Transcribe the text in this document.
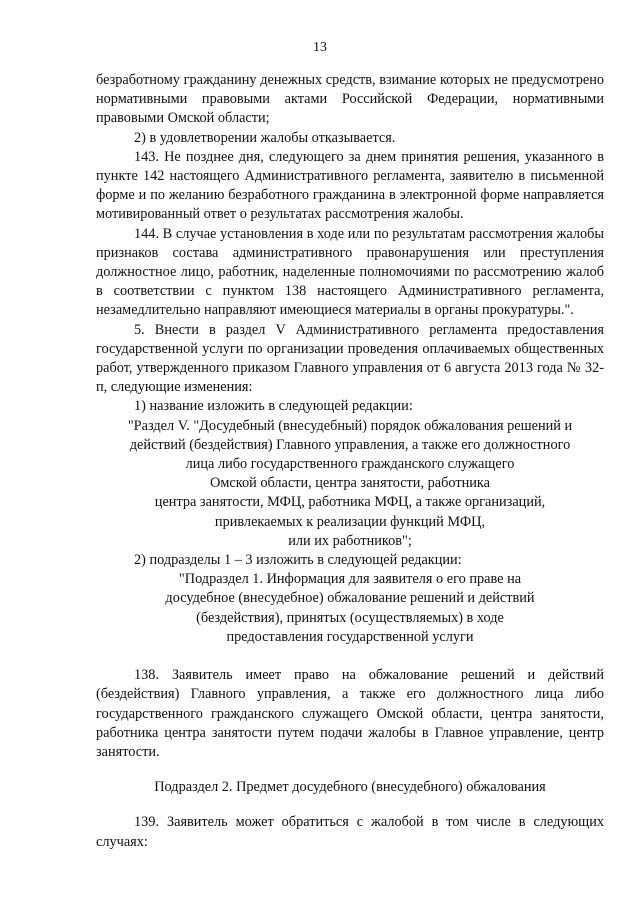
13

безработному гражданину денежных средств, взимание которых не предусмотрено нормативными правовыми актами Российской Федерации, нормативными правовыми Омской области;

2) в удовлетворении жалобы отказывается.

143. Не позднее дня, следующего за днем принятия решения, указанного в пункте 142 настоящего Административного регламента, заявителю в письменной форме и по желанию безработного гражданина в электронной форме направляется мотивированный ответ о результатах рассмотрения жалобы.

144. В случае установления в ходе или по результатам рассмотрения жалобы признаков состава административного правонарушения или преступления должностное лицо, работник, наделенные полномочиями по рассмотрению жалоб в соответствии с пунктом 138 настоящего Административного регламента, незамедлительно направляют имеющиеся материалы в органы прокуратуры.".

5. Внести в раздел V Административного регламента предоставления государственной услуги по организации проведения оплачиваемых общественных работ, утвержденного приказом Главного управления от 6 августа 2013 года № 32-п, следующие изменения:

1) название изложить в следующей редакции:

"Раздел V. "Досудебный (внесудебный) порядок обжалования решений и

действий (бездействия) Главного управления, а также его должностного

лица либо государственного гражданского служащего

Омской области, центра занятости, работника

центра занятости, МФЦ, работника МФЦ, а также организаций,

привлекаемых к реализации функций МФЦ,

или их работников";

2) подразделы 1 – 3 изложить в следующей редакции:

"Подраздел 1. Информация для заявителя о его праве на

досудебное (внесудебное) обжалование решений и действий

(бездействия), принятых (осуществляемых) в ходе

предоставления государственной услуги

138. Заявитель имеет право на обжалование решений и действий (бездействия) Главного управления, а также его должностного лица либо государственного гражданского служащего Омской области, центра занятости, работника центра занятости путем подачи жалобы в Главное управление, центр занятости.

Подраздел 2. Предмет досудебного (внесудебного) обжалования

139. Заявитель может обратиться с жалобой в том числе в следующих случаях:
